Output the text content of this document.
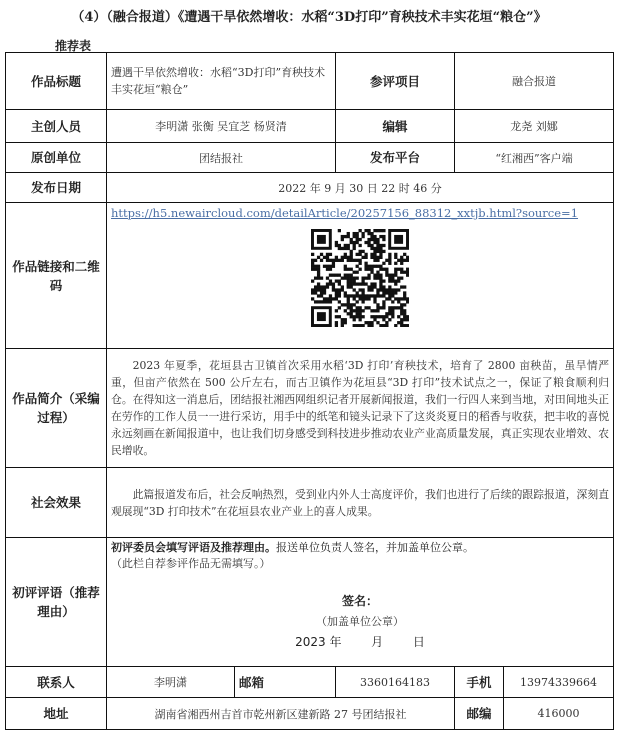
（4）（融合报道）《遭遇干旱依然增收：水稻“3D打印”育秧技术丰实花垣“粮仓”》
推荐表
作品标题	遭遇干旱依然增收：水稻“3D打印”育秧技术丰实花垣“粮仓”		参评项目	融合报道	
主创人员	李明潇 张衡 吴宜芝 杨贤清		编辑	龙尧 刘娜	
原创单位	团结报社		发布平台	“红湘西”客户端	
发布日期	2022 年 9 月 30 日 22 时 46 分				
作品链接和二维码	https://h5.newaircloud.com/detailArticle/20257156_88312_xxtjb.html?source=1				

作品简介（采编过程）	2023 年夏季，花垣县古卫镇首次采用水稻‘3D 打印’育秧技术，培育了 2800 亩秧苗，虽旱情严重，但亩产依然在 500 公斤左右，而古卫镇作为花垣县“3D 打印”技术试点之一，保证了粮食顺利归仓。在得知这一消息后，团结报社湘西网组织记者开展新闻报道，我们一行四人来到当地，对田间地头正在劳作的工作人员一一进行采访，用手中的纸笔和镜头记录下了这炎炎夏日的稻香与收获，把丰收的喜悦永远刻画在新闻报道中，也让我们切身感受到科技进步推动农业产业高质量发展，真正实现农业增效、农民增收。				

社会效果	此篇报道发布后，社会反响热烈，受到业内外人士高度评价，我们也进行了后续的跟踪报道，深刻直观展现“3D 打印技术”在花垣县农业产业上的喜人成果。				

初评评语（推荐理由）	初评委员会填写评语及推荐理由。报送单位负责人签名，并加盖单位公章。
（此栏自荐参评作品无需填写。）
签名：
（加盖单位公章）
2023 年 月 日				

联系人	李明潇	邮箱	3360164183	手机	13974339664
地址	湖南省湘西州吉首市乾州新区建新路 27 号团结报社			邮编	416000
